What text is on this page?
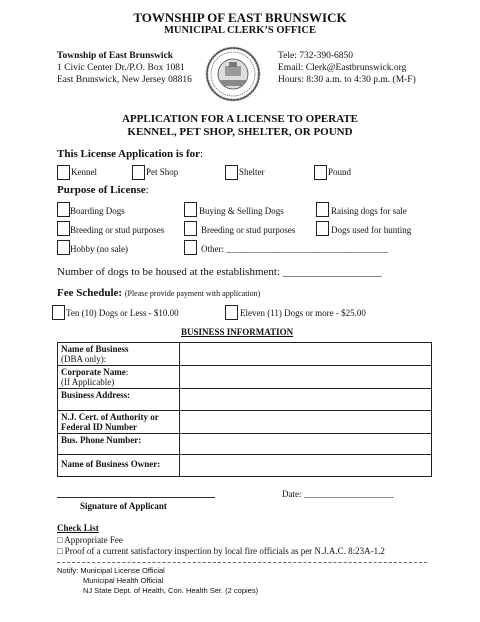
TOWNSHIP OF EAST BRUNSWICK
MUNICIPAL CLERK’S OFFICE
Township of East Brunswick
1 Civic Center Dr./P.O. Box 1081
East Brunswick, New Jersey 08816
Tele: 732-390-6850
Email: Clerk@Eastbrunswick.org
Hours: 8:30 a.m. to 4:30 p.m. (M-F)
APPLICATION FOR A LICENSE TO OPERATE
KENNEL, PET SHOP, SHELTER, OR POUND
This License Application is for:
Kennel	Pet Shop	Shelter	Pound
Purpose of License:
Boarding Dogs	Buying & Selling Dogs	Raising dogs for sale
Breeding or stud purposes	Breeding or stud purposes	Dogs used for hunting
Hobby (no sale)	Other: ____________________________________
Number of dogs to be housed at the establishment: __________________
Fee Schedule: (Please provide payment with application)
Ten (10) Dogs or Less - $10.00	Eleven (11) Dogs or more - $25.00
BUSINESS INFORMATION
Name of Business
(DBA only):	
Corporate Name:
(If Applicable)	
Business Address:	
N.J. Cert. of Authority or
Federal ID Number	
Bus. Phone Number:	
Name of Business Owner:	
Signature of Applicant
Date: ____________________
Check List
□ Appropriate Fee
□ Proof of a current satisfactory inspection by local fire officials as per N.J.A.C. 8:23A-1.2
Notify: Municipal License Official
Municipal Health Official
NJ State Dept. of Health, Con. Health Ser. (2 copies)
